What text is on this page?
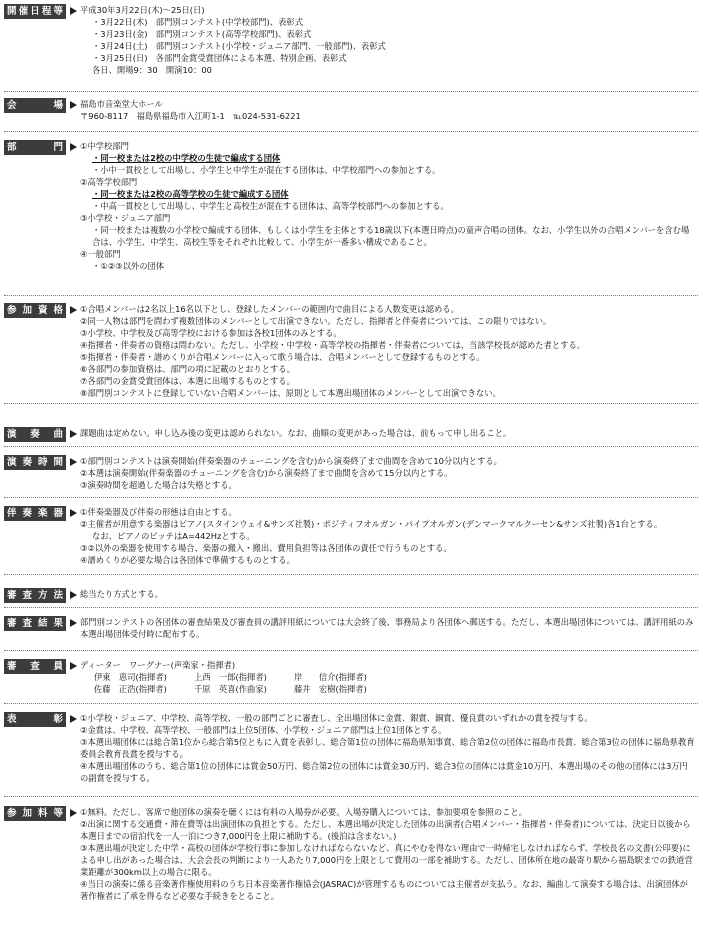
開催日程等	平成30年3月22日(木)～25日(日)
・3月22日(木)　部門別コンテスト(中学校部門)、表彰式
・3月23日(金)　部門別コンテスト(高等学校部門)、表彰式
・3月24日(土)　部門別コンテスト(小学校・ジュニア部門、一般部門)、表彰式
・3月25日(日)　各部門金賞受賞団体による本選、特別企画、表彰式
各日、開場9：30　開演10：00
会　　場	福島市音楽堂大ホール
〒960-8117　福島県福島市入江町1-1　℡024-531-6221
部　　門	①中学校部門
・同一校または2校の中学校の生徒で編成する団体
・小中一貫校として出場し、小学生と中学生が混在する団体は、中学校部門への参加とする。
②高等学校部門
・同一校または2校の高等学校の生徒で編成する団体
・中高一貫校として出場し、中学生と高校生が混在する団体は、高等学校部門への参加とする。
③小学校・ジュニア部門
・同一校または複数の小学校で編成する団体、もしくは小学生を主体とする18歳以下(本選日時点)の童声合唱の団体。なお、小学生以外の合唱メンバーを含む場合は、小学生、中学生、高校生等をそれぞれ比較して、小学生が一番多い構成であること。
④一般部門
・①②③以外の団体
参加資格	①合唱メンバーは2名以上16名以下とし、登録したメンバーの範囲内で曲目による人数変更は認める。
②同一人物は部門を問わず複数団体のメンバーとして出演できない。ただし、指揮者と伴奏者については、この限りではない。
③小学校、中学校及び高等学校における参加は各校1団体のみとする。
④指揮者・伴奏者の資格は問わない。ただし、小学校・中学校・高等学校の指揮者・伴奏者については、当該学校長が認めた者とする。
⑤指揮者・伴奏者・譜めくりが合唱メンバーに入って歌う場合は、合唱メンバーとして登録するものとする。
⑥各部門の参加資格は、部門の項に記載のとおりとする。
⑦各部門の金賞受賞団体は、本選に出場するものとする。
⑧部門別コンテストに登録していない合唱メンバーは、原則として本選出場団体のメンバーとして出演できない。
演 奏 曲	課題曲は定めない。申し込み後の変更は認められない。なお、曲順の変更があった場合は、前もって申し出ること。
演奏時間	①部門別コンテストは演奏開始(伴奏楽器のチューニングを含む)から演奏終了まで曲間を含めて10分以内とする。
②本選は演奏開始(伴奏楽器のチューニングを含む)から演奏終了まで曲間を含めて15分以内とする。
③演奏時間を超過した場合は失格とする。
伴奏楽器	①伴奏楽器及び伴奏の形態は自由とする。
②主催者が用意する楽器はピアノ(スタインウェイ&サンズ社製)・ポジティフオルガン・パイプオルガン(デンマークマルクーセン&サンズ社製)各1台とする。
なお、ピアノのピッチはA=442Hzとする。
③②以外の楽器を使用する場合、楽器の搬入・搬出、費用負担等は各団体の責任で行うものとする。
④譜めくりが必要な場合は各団体で準備するものとする。
審査方法	総当たり方式とする。
審査結果	部門別コンテストの各団体の審査結果及び審査員の講評用紙については大会終了後、事務局より各団体へ郵送する。ただし、本選出場団体については、講評用紙のみ本選出場団体受付時に配布する。
審 査 員	ディーター　ワーグナー(声楽家・指揮者)
伊東　恵司(指揮者)	上西　一郎(指揮者)	岸　　信介(指揮者)
佐藤　正浩(指揮者)	千原　英喜(作曲家)	藤井　宏樹(指揮者)
表　　彰	①小学校・ジュニア、中学校、高等学校、一般の部門ごとに審査し、全出場団体に金賞、銀賞、銅賞、優良賞のいずれかの賞を授与する。
②金賞は、中学校、高等学校、一般部門は上位5団体、小学校・ジュニア部門は上位1団体とする。
③本選出場団体には総合第1位から総合第5位ともに入賞を表彰し、総合第1位の団体に福島県知事賞、総合第2位の団体に福島市長賞、総合第3位の団体に福島県教育委員会教育長賞を授与する。
④本選出場団体のうち、総合第1位の団体には賞金50万円、総合第2位の団体には賞金30万円、総合3位の団体には賞金10万円、本選出場のその他の団体には3万円の副賞を授与する。
参加料等	①無料。ただし、客席で他団体の演奏を聴くには有料の入場券が必要。入場券購入については、参加要項を参照のこと。
②出演に関する交通費・滞在費等は出演団体の負担とする。ただし、本選出場が決定した団体の出演者(合唱メンバー・指揮者・伴奏者)については、決定日以後から本選日までの宿泊代を一人一泊につき7,000円を上限に補助する。(後泊は含まない。)
③本選出場が決定した中学・高校の団体が学校行事に参加しなければならないなど、真にやむを得ない理由で一時帰宅しなければならず、学校長名の文書(公印要)による申し出があった場合は、大会会長の判断により一人あたり7,000円を上限として費用の一部を補助する。ただし、団体所在地の最寄り駅から福島駅までの鉄道営業距離が300km以上の場合に限る。
④当日の演奏に係る音楽著作権使用料のうち日本音楽著作権協会(JASRAC)が管理するものについては主催者が支払う。なお、編曲して演奏する場合は、出演団体が著作権者に了承を得るなど必要な手続きをとること。
